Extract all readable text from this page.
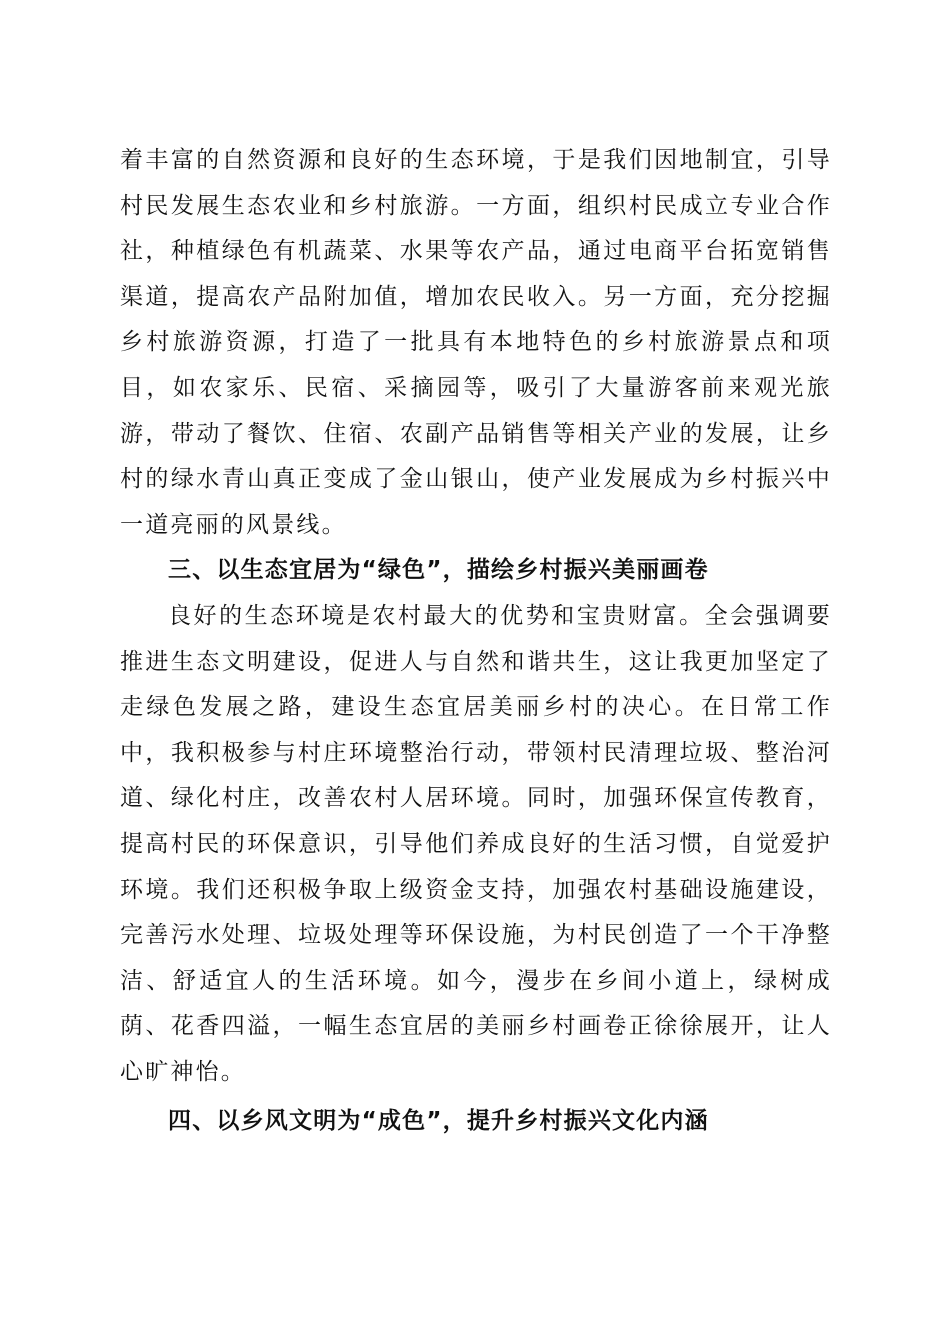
着丰富的自然资源和良好的生态环境，于是我们因地制宜，引导村民发展生态农业和乡村旅游。一方面，组织村民成立专业合作社，种植绿色有机蔬菜、水果等农产品，通过电商平台拓宽销售渠道，提高农产品附加值，增加农民收入。另一方面，充分挖掘乡村旅游资源，打造了一批具有本地特色的乡村旅游景点和项目，如农家乐、民宿、采摘园等，吸引了大量游客前来观光旅游，带动了餐饮、住宿、农副产品销售等相关产业的发展，让乡村的绿水青山真正变成了金山银山，使产业发展成为乡村振兴中一道亮丽的风景线。

三、以生态宜居为“绿色”，描绘乡村振兴美丽画卷

良好的生态环境是农村最大的优势和宝贵财富。全会强调要推进生态文明建设，促进人与自然和谐共生，这让我更加坚定了走绿色发展之路，建设生态宜居美丽乡村的决心。在日常工作中，我积极参与村庄环境整治行动，带领村民清理垃圾、整治河道、绿化村庄，改善农村人居环境。同时，加强环保宣传教育，提高村民的环保意识，引导他们养成良好的生活习惯，自觉爱护环境。我们还积极争取上级资金支持，加强农村基础设施建设，完善污水处理、垃圾处理等环保设施，为村民创造了一个干净整洁、舒适宜人的生活环境。如今，漫步在乡间小道上，绿树成荫、花香四溢，一幅生态宜居的美丽乡村画卷正徐徐展开，让人心旷神怡。

四、以乡风文明为“成色”，提升乡村振兴文化内涵
